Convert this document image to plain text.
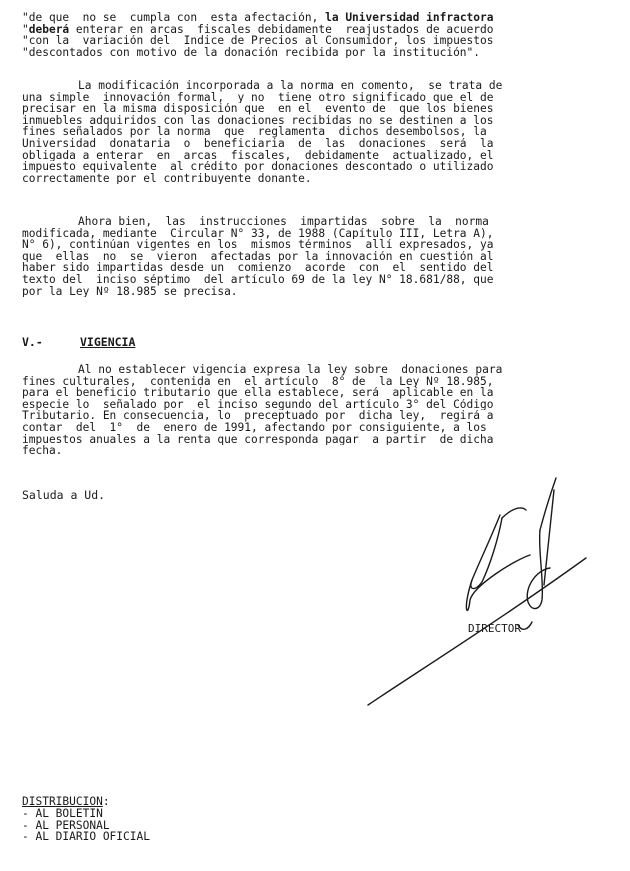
"de que  no se  cumpla con  esta afectación, la Universidad infractora
"deberá enterar en arcas  fiscales debidamente  reajustados de acuerdo
"con la  variación del  Indice de Precios al Consumidor, los impuestos
"descontados con motivo de la donación recibida por la institución".
La modificación incorporada a la norma en comento,  se trata de
una simple  innovación formal,  y no  tiene otro significado que el de
precisar en la misma disposición que  en el  evento de  que los bienes
inmuebles adquiridos con las donaciones recibidas no se destinen a los
fines señalados por la norma  que  reglamenta  dichos desembolsos, la
Universidad  donataria  o  beneficiaria  de  las  donaciones  será  la
obligada a enterar  en  arcas  fiscales,  debidamente  actualizado, el
impuesto equivalente  al crédito por donaciones descontado o utilizado
correctamente por el contribuyente donante.
Ahora bien,  las  instrucciones  impartidas  sobre  la  norma
modificada, mediante  Circular N° 33, de 1988 (Capítulo III, Letra A),
N° 6), continúan vigentes en los  mismos términos  allí expresados, ya
que  ellas  no  se  vieron  afectadas por la innovación en cuestión al
haber sido impartidas desde un  comienzo  acorde  con  el  sentido del
texto del  inciso séptimo  del artículo 69 de la ley N° 18.681/88, que
por la Ley Nº 18.985 se precisa.
V.-	VIGENCIA
Al no establecer vigencia expresa la ley sobre  donaciones para
fines culturales,  contenida en  el artículo  8° de  la Ley Nº 18.985,
para el beneficio tributario que ella establece, será  aplicable en la
especie lo  señalado por  el inciso segundo del artículo 3° del Código
Tributario. En consecuencia, lo  preceptuado por  dicha ley,  regirá a
contar  del  1°  de  enero de 1991, afectando por consiguiente, a los
impuestos anuales a la renta que corresponda pagar  a partir  de dicha
fecha.
Saluda a Ud.
DIRECTOR
DISTRIBUCION:
- AL BOLETIN
- AL PERSONAL
- AL DIARIO OFICIAL
